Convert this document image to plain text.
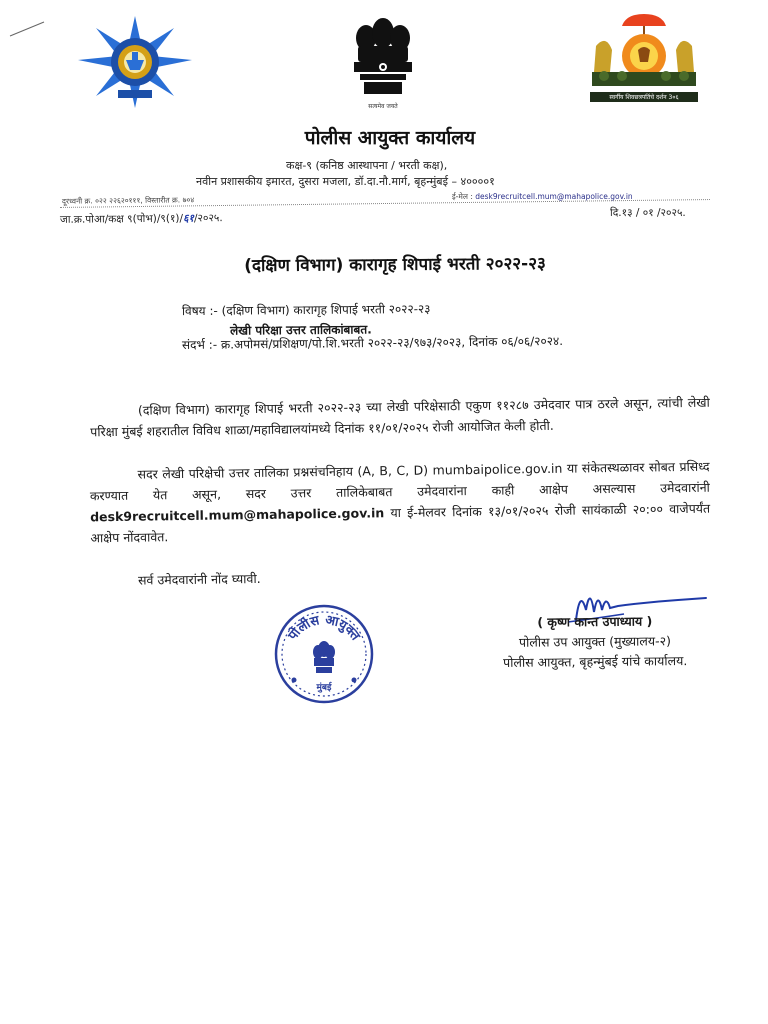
सत्यमेव जयते
स्वर्गीय शिवछत्रपतिंचे दर्शन 3०६
पोलीस आयुक्त कार्यालय
कक्ष-९ (कनिष्ठ आस्थापना / भरती कक्ष),
नवीन प्रशासकीय इमारत, दुसरा मजला, डॉ.दा.नौ.मार्ग, बृहन्मुंबई – ४००००१
दूरध्वनी क्र. ०२२ २२६२०१११, विस्तारीत क्र. ७०४	ई-मेल : desk9recruitcell.mum@mahapolice.gov.in
जा.क्र.पोआ/कक्ष ९(पोभ)/९(१)/६१/२०२५.	दि.१३ / ०१ /२०२५.
(दक्षिण विभाग) कारागृह शिपाई भरती २०२२-२३
विषय :- (दक्षिण विभाग) कारागृह शिपाई भरती २०२२-२३
लेखी परिक्षा उत्तर तालिकांबाबत.
संदर्भ :- क्र.अपोमसं/प्रशिक्षण/पो.शि.भरती २०२२-२३/९७३/२०२३, दिनांक ०६/०६/२०२४.
(दक्षिण विभाग) कारागृह शिपाई भरती २०२२-२३ च्या लेखी परिक्षेसाठी एकुण ११२८७ उमेदवार पात्र ठरले असून, त्यांची लेखी परिक्षा मुंबई शहरातील विविध शाळा/महाविद्यालयांमध्ये दिनांक ११/०१/२०२५ रोजी आयोजित केली होती.
सदर लेखी परिक्षेची उत्तर तालिका प्रश्नसंचनिहाय (A, B, C, D) mumbaipolice.gov.in या संकेतस्थळावर सोबत प्रसिध्द करण्यात येत असून, सदर उत्तर तालिकेबाबत उमेदवारांना काही आक्षेप असल्यास उमेदवारांनी desk9recruitcell.mum@mahapolice.gov.in या ई-मेलवर दिनांक १३/०१/२०२५ रोजी सायंकाळी २०:०० वाजेपर्यंत आक्षेप नोंदवावेत.
सर्व उमेदवारांनी नोंद घ्यावी.
पोलीस आयुक्त
मुंबई
( कृष्ण कान्त उपाध्याय )
पोलीस उप आयुक्त (मुख्यालय-२)
पोलीस आयुक्त, बृहन्मुंबई यांचे कार्यालय.
